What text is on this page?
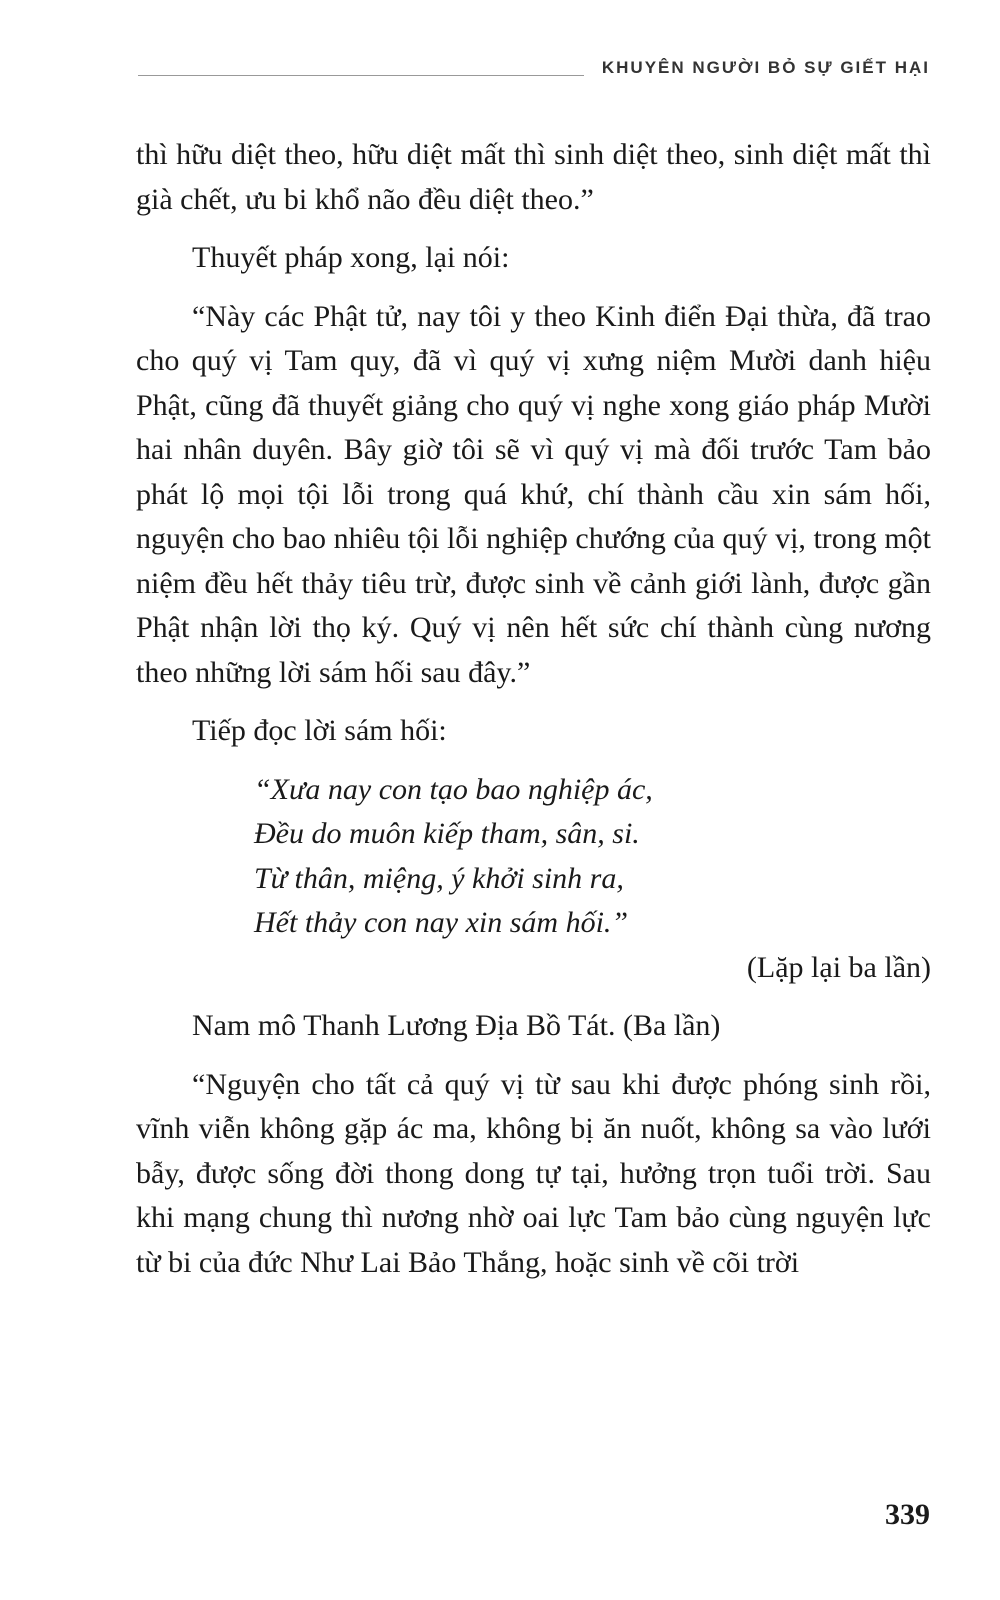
KHUYÊN NGƯỜI BỎ SỰ GIẾT HẠI

thì hữu diệt theo, hữu diệt mất thì sinh diệt theo, sinh diệt mất thì già chết, ưu bi khổ não đều diệt theo.”

Thuyết pháp xong, lại nói:

“Này các Phật tử, nay tôi y theo Kinh điển Đại thừa, đã trao cho quý vị Tam quy, đã vì quý vị xưng niệm Mười danh hiệu Phật, cũng đã thuyết giảng cho quý vị nghe xong giáo pháp Mười hai nhân duyên. Bây giờ tôi sẽ vì quý vị mà đối trước Tam bảo phát lộ mọi tội lỗi trong quá khứ, chí thành cầu xin sám hối, nguyện cho bao nhiêu tội lỗi nghiệp chướng của quý vị, trong một niệm đều hết thảy tiêu trừ, được sinh về cảnh giới lành, được gần Phật nhận lời thọ ký. Quý vị nên hết sức chí thành cùng nương theo những lời sám hối sau đây.”

Tiếp đọc lời sám hối:

“Xưa nay con tạo bao nghiệp ác,
Đều do muôn kiếp tham, sân, si.
Từ thân, miệng, ý khởi sinh ra,
Hết thảy con nay xin sám hối.”

(Lặp lại ba lần)

Nam mô Thanh Lương Địa Bồ Tát. (Ba lần)

“Nguyện cho tất cả quý vị từ sau khi được phóng sinh rồi, vĩnh viễn không gặp ác ma, không bị ăn nuốt, không sa vào lưới bẫy, được sống đời thong dong tự tại, hưởng trọn tuổi trời. Sau khi mạng chung thì nương nhờ oai lực Tam bảo cùng nguyện lực từ bi của đức Như Lai Bảo Thắng, hoặc sinh về cõi trời

339
